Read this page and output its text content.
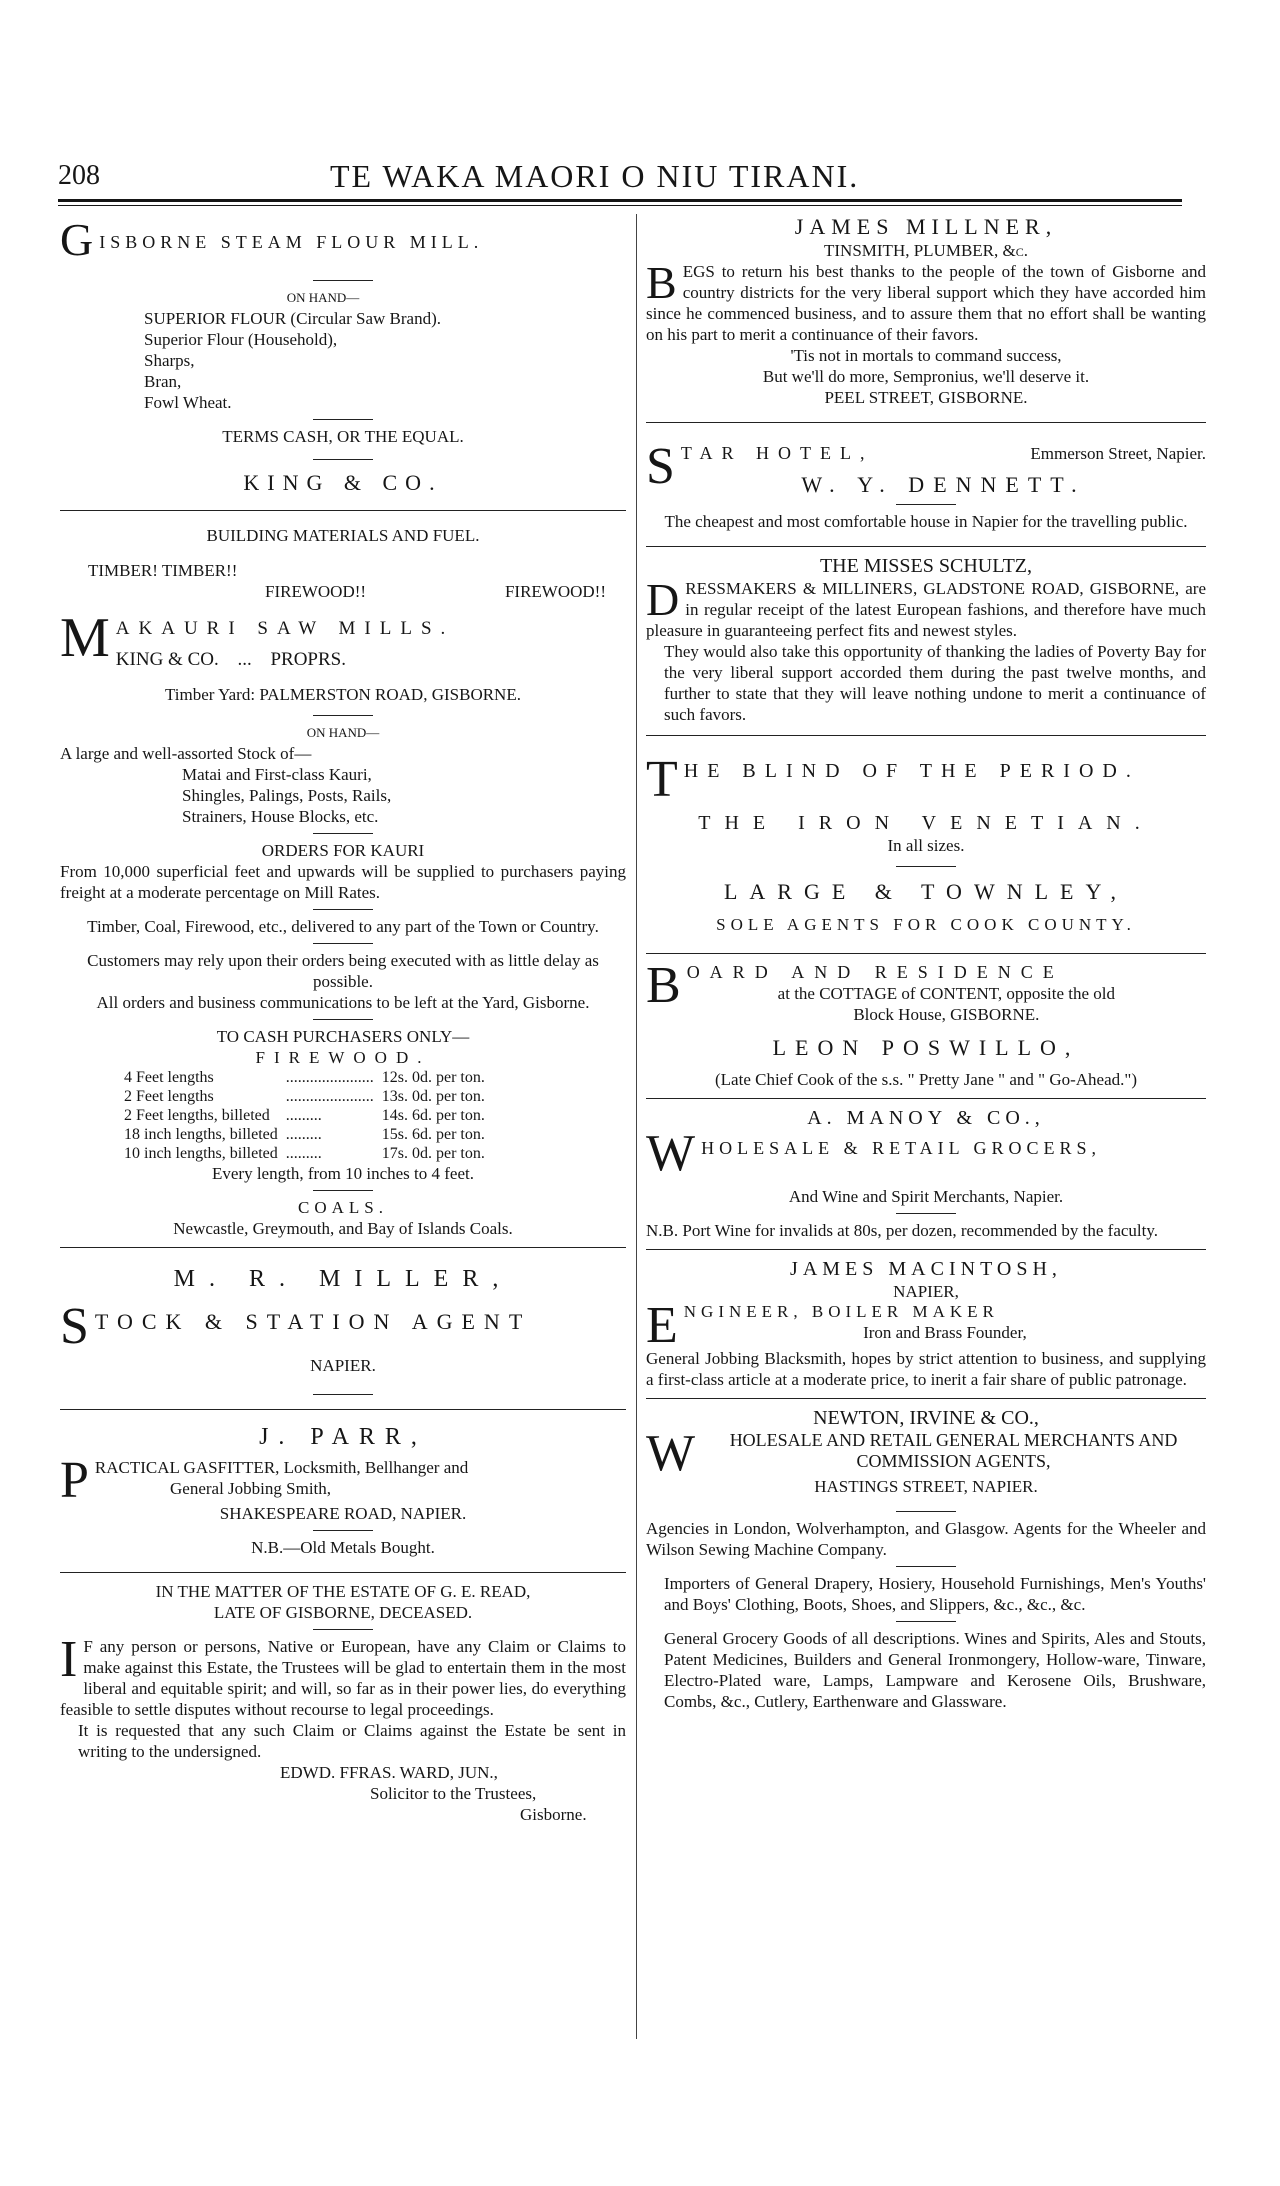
208	TE WAKA MAORI O NIU TIRANI.
G ISBORNE STEAM FLOUR MILL.
ON HAND—
SUPERIOR FLOUR (Circular Saw Brand).
Superior Flour (Household),
Sharps,
Bran,
Fowl Wheat.
TERMS CASH, OR THE EQUAL.
KING & CO.
BUILDING MATERIALS AND FUEL.
TIMBER! TIMBER!!
FIREWOOD!!	FIREWOOD!!
M AKAURI SAW MILLS.
KING & CO. ... PROPRS.
Timber Yard: PALMERSTON ROAD, GISBORNE.
ON HAND—
A large and well-assorted Stock of—
Matai and First-class Kauri,
Shingles, Palings, Posts, Rails,
Strainers, House Blocks, etc.
ORDERS FOR KAURI
From 10,000 superficial feet and upwards will be supplied to purchasers paying freight at a moderate percentage on Mill Rates.
Timber, Coal, Firewood, etc., delivered to any part of the Town or Country.
Customers may rely upon their orders being executed with as little delay as possible.
All orders and business communications to be left at the Yard, Gisborne.
TO CASH PURCHASERS ONLY—
FIREWOOD.
4 Feet lengths	......................	12s. 0d. per ton.
2 Feet lengths	......................	13s. 0d. per ton.
2 Feet lengths, billeted	.........	14s. 6d. per ton.
18 inch lengths, billeted	.........	15s. 6d. per ton.
10 inch lengths, billeted	.........	17s. 0d. per ton.
Every length, from 10 inches to 4 feet.
COALS.
Newcastle, Greymouth, and Bay of Islands Coals.
M. R. MILLER,
S TOCK & STATION AGENT
NAPIER.
J. PARR,
P RACTICAL GASFITTER, Locksmith, Bellhanger and
General Jobbing Smith,
SHAKESPEARE ROAD, NAPIER.
N.B.—Old Metals Bought.
IN THE MATTER OF THE ESTATE OF G. E. READ,
LATE OF GISBORNE, DECEASED.
I F any person or persons, Native or European, have any Claim or Claims to make against this Estate, the Trustees will be glad to entertain them in the most liberal and equitable spirit; and will, so far as in their power lies, do everything feasible to settle disputes without recourse to legal proceedings.
It is requested that any such Claim or Claims against the Estate be sent in writing to the undersigned.
EDWD. FFRAS. WARD, JUN.,
Solicitor to the Trustees,
Gisborne.
JAMES MILLNER,
TINSMITH, PLUMBER, &c.
B EGS to return his best thanks to the people of the town of Gisborne and country districts for the very liberal support which they have accorded him since he commenced business, and to assure them that no effort shall be wanting on his part to merit a continuance of their favors.
'Tis not in mortals to command success,
But we'll do more, Sempronius, we'll deserve it.
PEEL STREET, GISBORNE.
S TAR HOTEL,	Emmerson Street, Napier.
W. Y. DENNETT.
The cheapest and most comfortable house in Napier for the travelling public.
THE MISSES SCHULTZ,
D RESSMAKERS & MILLINERS, GLADSTONE ROAD, GISBORNE, are in regular receipt of the latest European fashions, and therefore have much pleasure in guaranteeing perfect fits and newest styles.
They would also take this opportunity of thanking the ladies of Poverty Bay for the very liberal support accorded them during the past twelve months, and further to state that they will leave nothing undone to merit a continuance of such favors.
T HE BLIND OF THE PERIOD.
THE IRON VENETIAN.
In all sizes.
LARGE & TOWNLEY,
SOLE AGENTS FOR COOK COUNTY.
B OARD AND RESIDENCE
at the COTTAGE of CONTENT, opposite the old
Block House, GISBORNE.
LEON POSWILLO,
(Late Chief Cook of the s.s. " Pretty Jane " and " Go-Ahead.")
A. MANOY & CO.,
W HOLESALE & RETAIL GROCERS,
And Wine and Spirit Merchants, Napier.
N.B. Port Wine for invalids at 80s, per dozen, recommended by the faculty.
JAMES MACINTOSH,
NAPIER,
E NGINEER, BOILER MAKER
Iron and Brass Founder,
General Jobbing Blacksmith, hopes by strict attention to business, and supplying a first-class article at a moderate price, to inerit a fair share of public patronage.
NEWTON, IRVINE & CO.,
W	HOLESALE AND RETAIL GENERAL MERCHANTS AND COMMISSION AGENTS,
HASTINGS STREET, NAPIER.
Agencies in London, Wolverhampton, and Glasgow. Agents for the Wheeler and Wilson Sewing Machine Company.
Importers of General Drapery, Hosiery, Household Furnishings, Men's Youths' and Boys' Clothing, Boots, Shoes, and Slippers, &c., &c., &c.
General Grocery Goods of all descriptions. Wines and Spirits, Ales and Stouts, Patent Medicines, Builders and General Ironmongery, Hollow-ware, Tinware, Electro-Plated ware, Lamps, Lampware and Kerosene Oils, Brushware, Combs, &c., Cutlery, Earthenware and Glassware.
